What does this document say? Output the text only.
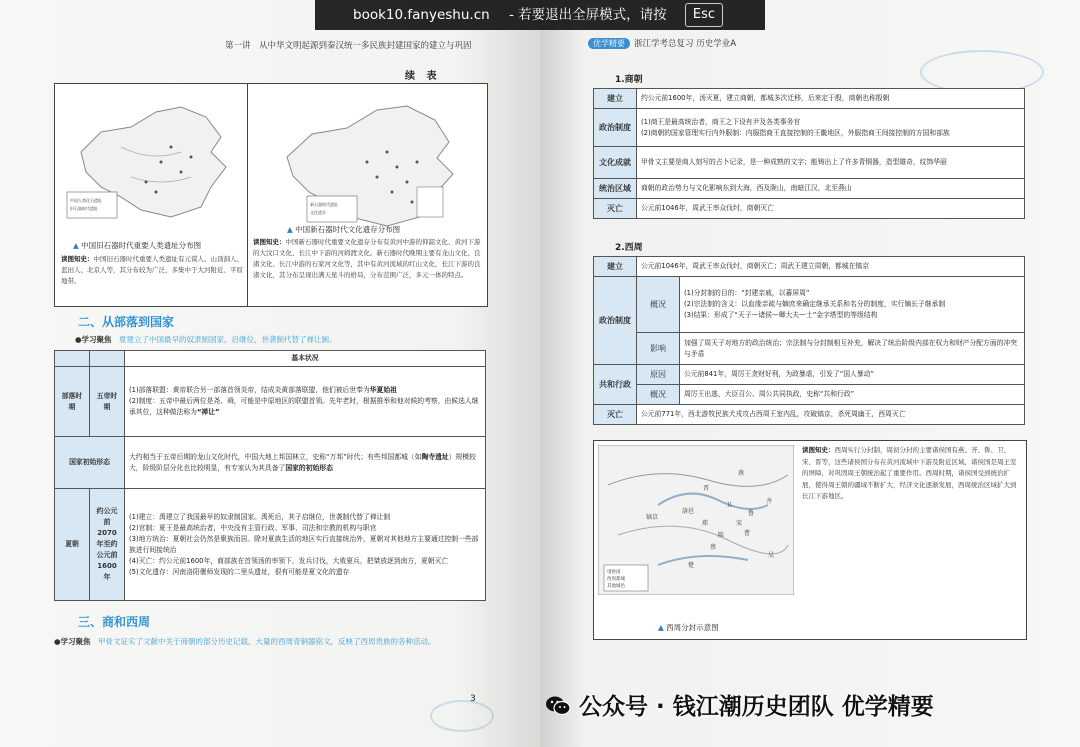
第一讲　从中华文明起源到秦汉统一多民族封建国家的建立与巩固
续 表
中国人类化石遗址
旧石器时代遗址
▲ 中国旧石器时代重要人类遗址分布图
读图知史：中国旧石器时代重要人类遗址有元谋人、山顶洞人、蓝田人、北京人等，其分布较为广泛，多集中于大河附近、平原地带。
新石器时代遗址
文化遗存
▲ 中国新石器时代文化遗存分布图
读图知史：中国新石器时代重要文化遗存分布有黄河中游的仰韶文化、黄河下游的大汶口文化、长江中下游的河姆渡文化。新石器时代晚期主要有龙山文化、良渚文化、长江中游的石家河文化等，其中有黄河流域的红山文化，长江下游的良渚文化，其分布呈现出满天星斗的格局，分布范围广泛，多元一体的特点。
二、从部落到国家
●学习聚焦　 夏建立了中国最早的奴隶制国家，启继位，世袭制代替了禅让制。
		基本状况
部落时期	五帝时期	(1)部落联盟：黄帝联合另一部落首领炎帝，结成炎黄部落联盟，他们被后世奉为华夏始祖
(2)制度：五帝中最后两位是尧、舜，可能是中原地区的联盟首领。先年老时，根据推举和他对候的考察，由候选人继承其位，这种做法称为“禅让”
国家初始形态		大约相当于五帝后期的龙山文化时代，中国大地上邦国林立，史称“万邦”时代；有些邦国都城（如陶寺遗址）规模较大，阶级阶层分化也比较明显，有专家认为其具备了国家的初始形态
夏朝	约公元前2070年至约公元前1600年	(1)建立：禹建立了我国最早的奴隶制国家。禹死后，其子启继位，世袭制代替了禅让制
(2)官制：夏王是最高统治者，中央没有主管行政、军事、司法和宗教的机构与职官
(3)地方统治：夏朝社会仍然是聚族而居。除对夏族生活的地区实行直接统治外，夏朝对其他地方主要通过控制一些部族进行间接统治
(4)灭亡：约公元前1600年，商部族在首领汤的率领下，发兵讨伐，大败夏兵，把桀放逐到南方，夏朝灭亡
(5)文化遗存：河南洛阳偃师发现的二里头遗址，很有可能是夏文化的遗存
三、商和西周
●学习聚焦　 甲骨文证实了文献中关于商朝的部分历史记载，大量的西周青铜器铭文，反映了西周贵族的各种活动。
3
优学精要 浙江学考总复习 历史学业A
1.商朝
建立	约公元前1600年，汤灭夏，建立商朝，都城多次迁移，后来定于殷，商朝也称殷朝
政治制度	(1)商王是最高统治者，商王之下设有尹及各类事务官
(2)商朝的国家管理实行内外服制：内服指商王直接控制的王畿地区，外服指商王间接控制的方国和部族
文化成就	甲骨文主要是商人刻写的占卜记录，是一种成熟的文字；能铸出上了许多青铜器，造型雄奇，纹饰华丽
统治区域	商朝的政治势力与文化影响东到大海，西及陇山，南暗江汉，北至燕山
灭亡	公元前1046年，周武王率众伐纣，商朝灭亡
2.西周
建立	公元前1046年，周武王率众伐纣，商朝灭亡；周武王建立周朝，都城在镐京	
政治制度	概况	(1)分封制的目的：“封建亲戚，以蕃屏周”
(2)宗法制的含义：以血缘亲疏与嫡庶来确定继承关系和名分的制度，实行嫡长子继承制
(3)结果：形成了“天子—诸侯—卿大夫—士”金字塔型的等级结构
	影响	加强了周天子对地方的政治统治；宗法制与分封制相互补充，解决了统治阶级内部在权力和财产分配方面的冲突与矛盾
共和行政	原因	公元前841年，周厉王贪财好利，为政暴虐，引发了“国人暴动”
	概况	周厉王出逃，大臣召公、周公共同执政，史称“共和行政”
灭亡	公元前771年，西北游牧民族犬戎攻占西周王室内乱，攻破镐京，杀死周幽王，西周灭亡	
燕
晋
卫
鲁
齐
宋
陈
蔡
曹
郑
吴
楚
镐京
洛邑
诸侯国
西周都城
其他城邑
读图知史：西周实行分封制，周初分封的主要诸侯国有燕、齐、鲁、卫、宋、晋等，这些诸侯国分布在黄河流域中下游及附近区域，诸侯国是周王室的屏障，对巩固周王朝统治起了重要作用。西周时期，诸侯国受到统治扩展，使得周王朝的疆域不断扩大，经济文化逐渐发展，西周统治区域扩大到长江下游地区。
▲ 西周分封示意图
book10.fanyeshu.cn - 若要退出全屏模式，请按	Esc
公众号 · 钱江潮历史团队 优学精要
